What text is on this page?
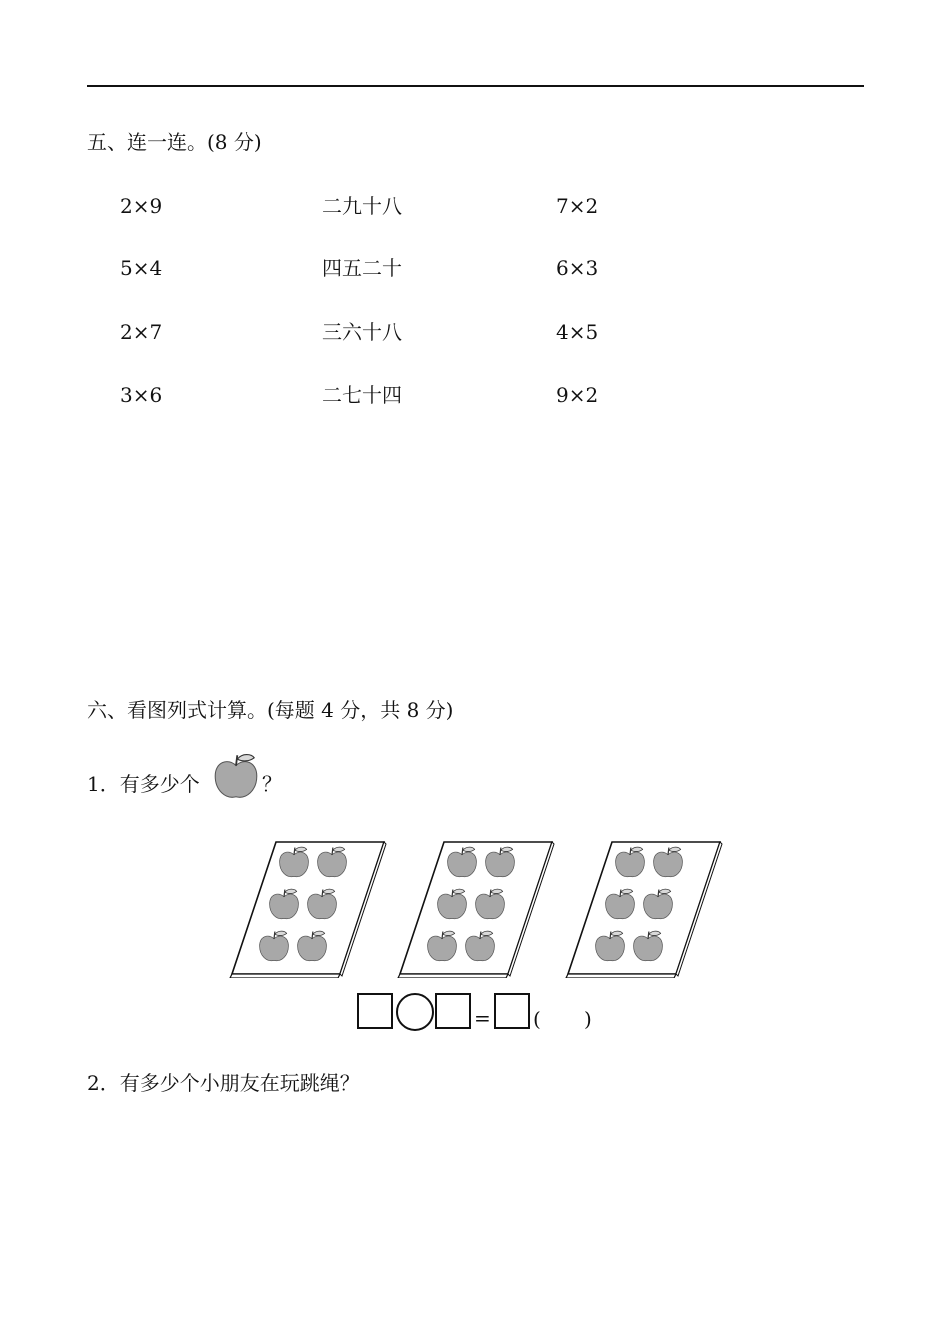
五、连一连。(8 分)
2×9
5×4
2×7
3×6
二九十八
四五二十
三六十八
二七十四
7×2
6×3
4×5
9×2
六、看图列式计算。(每题 4 分，共 8 分)
1．有多少个	？
= ( )
2．有多少个小朋友在玩跳绳？
